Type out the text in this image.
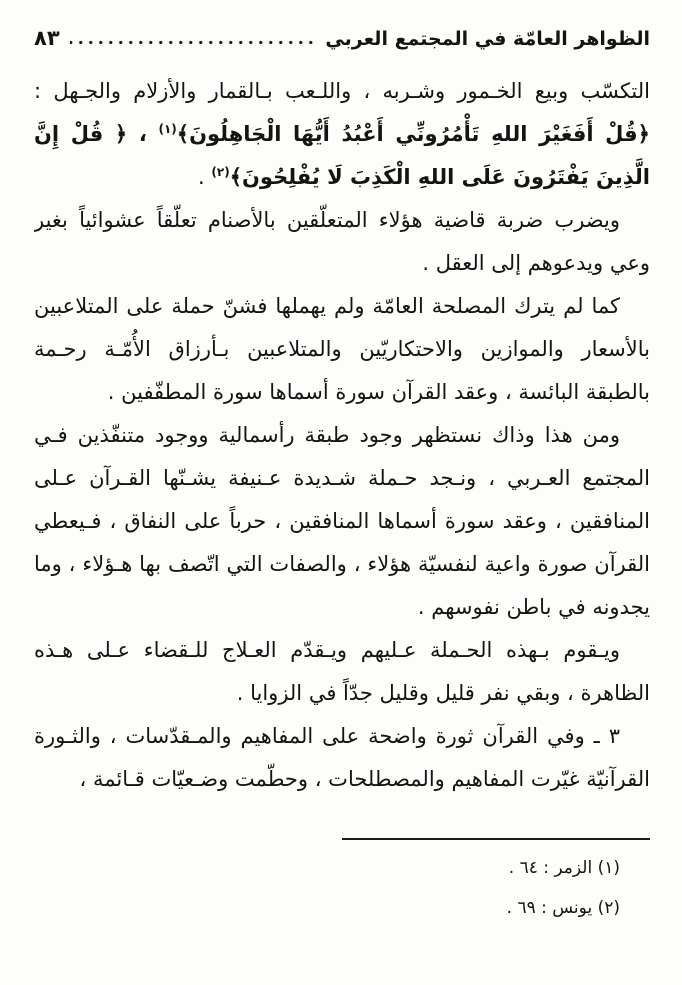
الظواهر العامّة في المجتمع العربي
٨٣

التكسّب وبيع الخـمور وشـربه ، واللـعب بـالقمار والأزلام والجـهل : ﴿قُلْ أَفَغَيْرَ اللهِ تَأْمُرُونِّي أَعْبُدُ أَيُّهَا الْجَاهِلُونَ﴾$^{(١)}$ ، ﴿ قُلْ إِنَّ الَّذِينَ يَفْتَرُونَ عَلَى اللهِ الْكَذِبَ لَا يُفْلِحُونَ﴾$^{(٢)}$ .

ويضرب ضربة قاضية هؤلاء المتعلّقين بالأصنام تعلّقاً عشوائياً بغير وعي ويدعوهم إلى العقل .

كما لم يترك المصلحة العامّة ولم يهملها فشنّ حملة على المتلاعبين بالأسعار والموازين والاحتكاريّين والمتلاعبين بـأرزاق الأُمّـة رحـمة بالطبقة البائسة ، وعقد القرآن سورة أسماها سورة المطفّفين .

ومن هذا وذاك نستظهر وجود طبقة رأسمالية ووجود متنفّذين فـي المجتمع العـربي ، ونـجد حـملة شـديدة عـنيفة يشـنّها القـرآن عـلى المنافقين ، وعقد سورة أسماها المنافقين ، حرباً على النفاق ، فـيعطي القرآن صورة واعية لنفسيّة هؤلاء ، والصفات التي اتّصف بها هـؤلاء ، وما يجدونه في باطن نفوسهم .

ويـقوم بـهذه الحـملة عـليهم ويـقدّم العـلاج للـقضاء عـلى هـذه الظاهرة ، وبقي نفر قليل وقليل جدّاً في الزوايا .

٣ ـ وفي القرآن ثورة واضحة على المفاهيم والمـقدّسات ، والثـورة القرآنيّة غيّرت المفاهيم والمصطلحات ، وحطّمت وضـعيّات قـائمة ،

(١) الزمر : ٦٤ .
(٢) يونس : ٦٩ .
